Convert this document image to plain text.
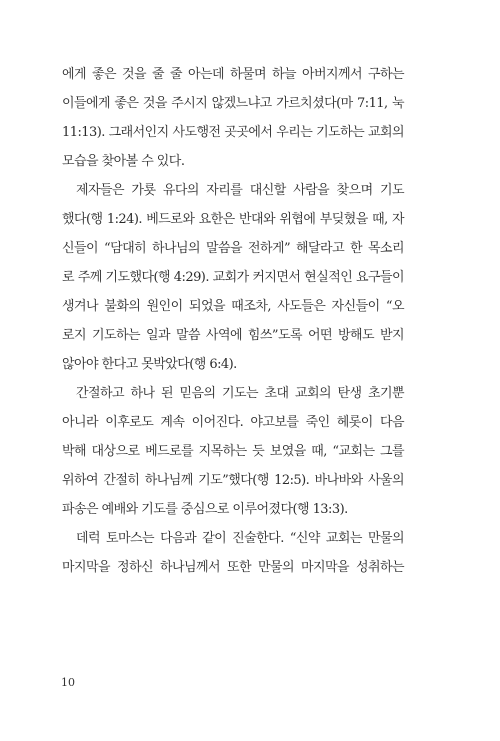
에게 좋은 것을 줄 줄 아는데 하물며 하늘 아버지께서 구하는
이들에게 좋은 것을 주시지 않겠느냐고 가르치셨다(마 7:11, 눅
11:13). 그래서인지 사도행전 곳곳에서 우리는 기도하는 교회의
모습을 찾아볼 수 있다.
제자들은 가룟 유다의 자리를 대신할 사람을 찾으며 기도
했다(행 1:24). 베드로와 요한은 반대와 위협에 부딪혔을 때, 자
신들이 “담대히 하나님의 말씀을 전하게” 해달라고 한 목소리
로 주께 기도했다(행 4:29). 교회가 커지면서 현실적인 요구들이
생겨나 불화의 원인이 되었을 때조차, 사도들은 자신들이 “오
로지 기도하는 일과 말씀 사역에 힘쓰”도록 어떤 방해도 받지
않아야 한다고 못박았다(행 6:4).
간절하고 하나 된 믿음의 기도는 초대 교회의 탄생 초기뿐
아니라 이후로도 계속 이어진다. 야고보를 죽인 헤롯이 다음
박해 대상으로 베드로를 지목하는 듯 보였을 때, “교회는 그를
위하여 간절히 하나님께 기도”했다(행 12:5). 바나바와 사울의
파송은 예배와 기도를 중심으로 이루어졌다(행 13:3).
데럭 토마스는 다음과 같이 진술한다. “신약 교회는 만물의
마지막을 정하신 하나님께서 또한 만물의 마지막을 성취하는
10
